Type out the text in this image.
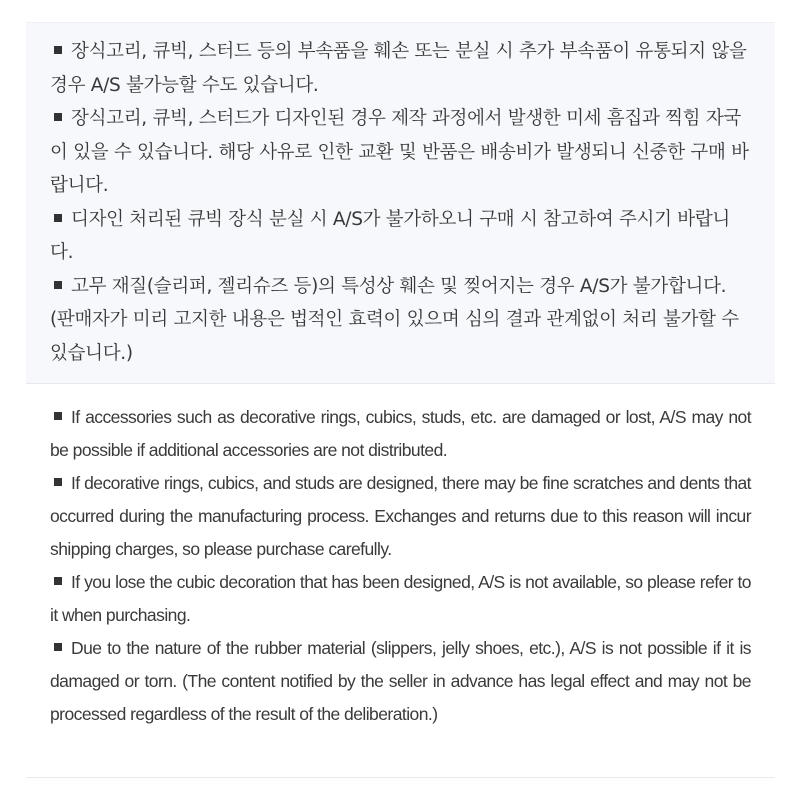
장식고리, 큐빅, 스터드 등의 부속품을 훼손 또는 분실 시 추가 부속품이 유통되지 않을 경우 A/S 불가능할 수도 있습니다.

장식고리, 큐빅, 스터드가 디자인된 경우 제작 과정에서 발생한 미세 흠집과 찍힘 자국이 있을 수 있습니다. 해당 사유로 인한 교환 및 반품은 배송비가 발생되니 신중한 구매 바랍니다.

디자인 처리된 큐빅 장식 분실 시 A/S가 불가하오니 구매 시 참고하여 주시기 바랍니다.

고무 재질(슬리퍼, 젤리슈즈 등)의 특성상 훼손 및 찢어지는 경우 A/S가 불가합니다. (판매자가 미리 고지한 내용은 법적인 효력이 있으며 심의 결과 관계없이 처리 불가할 수 있습니다.)

If accessories such as decorative rings, cubics, studs, etc. are damaged or lost, A/S may not be possible if additional accessories are not distributed.

If decorative rings, cubics, and studs are designed, there may be fine scratches and dents that occurred during the manufacturing process. Exchanges and returns due to this reason will incur shipping charges, so please purchase carefully.

If you lose the cubic decoration that has been designed, A/S is not available, so please refer to it when purchasing.

Due to the nature of the rubber material (slippers, jelly shoes, etc.), A/S is not possible if it is damaged or torn. (The content notified by the seller in advance has legal effect and may not be processed regardless of the result of the deliberation.)
